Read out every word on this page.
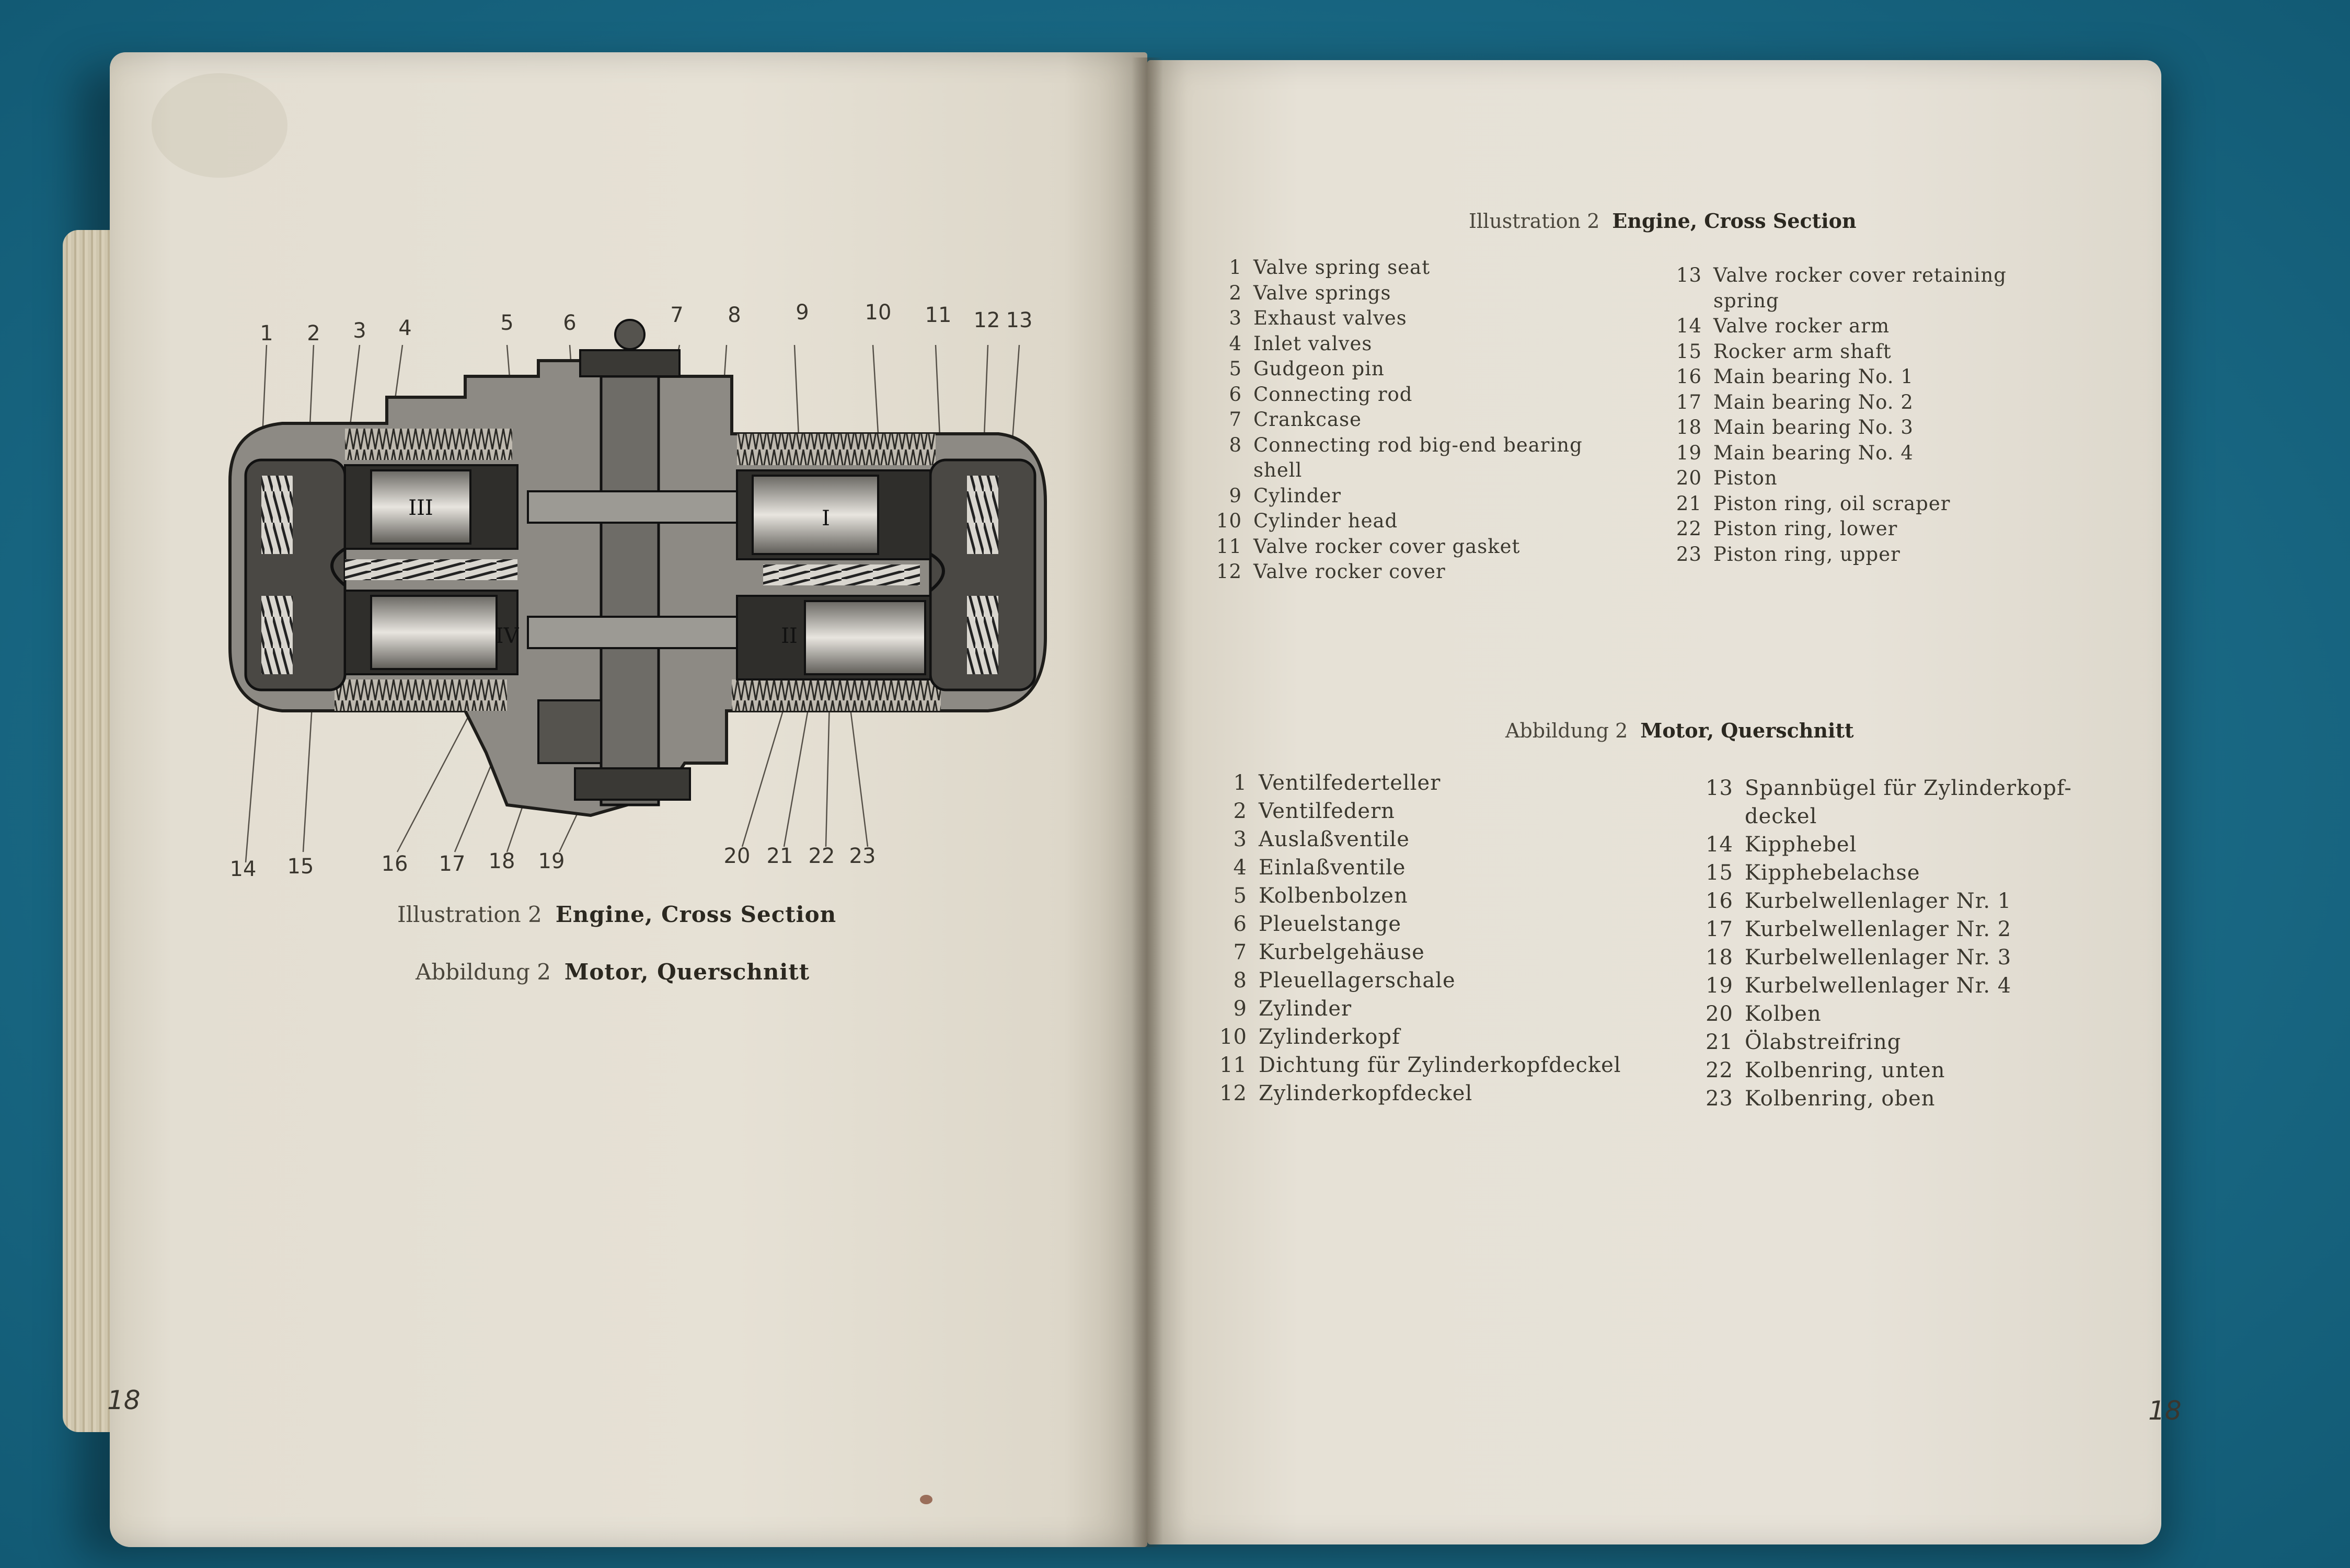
III	I
II
IV
1 2 3 4	5 6	7 8	9	10 11 12 13
14 15	16 17 18 19	20 21 22 23
Illustration 2 Engine, Cross Section
Abbildung 2 Motor, Querschnitt
18
Illustration 2 Engine, Cross Section
1 Valve spring seat
2 Valve springs
3 Exhaust valves
4 Inlet valves
5 Gudgeon pin
6 Connecting rod
7 Crankcase
8 Connecting rod big-end bearing
shell
9 Cylinder
10 Cylinder head
11 Valve rocker cover gasket
12 Valve rocker cover
13 Valve rocker cover retaining
spring
14 Valve rocker arm
15 Rocker arm shaft
16 Main bearing No. 1
17 Main bearing No. 2
18 Main bearing No. 3
19 Main bearing No. 4
20 Piston
21 Piston ring, oil scraper
22 Piston ring, lower
23 Piston ring, upper
Abbildung 2 Motor, Querschnitt
1 Ventilfederteller
2 Ventilfedern
3 Auslaßventile
4 Einlaßventile
5 Kolbenbolzen
6 Pleuelstange
7 Kurbelgehäuse
8 Pleuellagerschale
9 Zylinder
10 Zylinderkopf
11 Dichtung für Zylinderkopfdeckel
12 Zylinderkopfdeckel
13 Spannbügel für Zylinderkopf-
deckel
14 Kipphebel
15 Kipphebelachse
16 Kurbelwellenlager Nr. 1
17 Kurbelwellenlager Nr. 2
18 Kurbelwellenlager Nr. 3
19 Kurbelwellenlager Nr. 4
20 Kolben
21 Ölabstreifring
22 Kolbenring, unten
23 Kolbenring, oben
18
